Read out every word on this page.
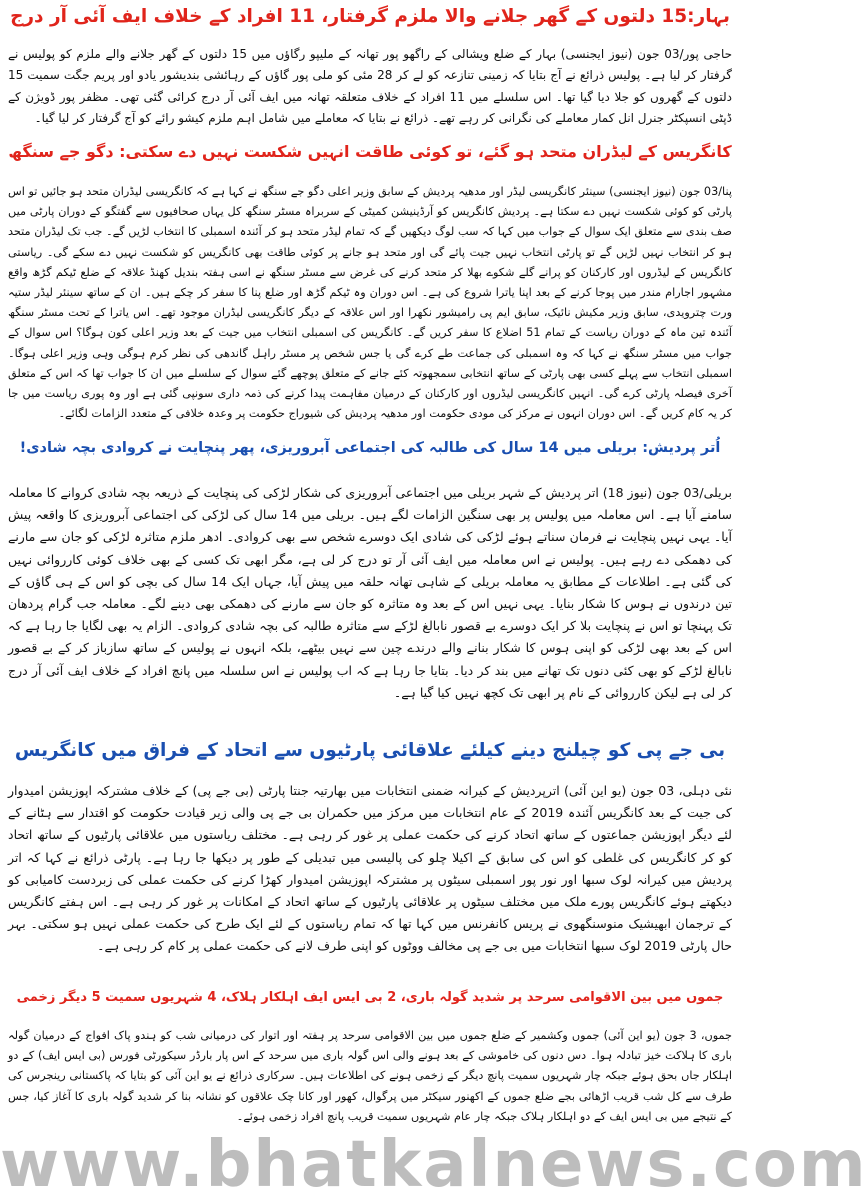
بہار:15 دلتوں کے گھر جلانے والا ملزم گرفتار، 11 افراد کے خلاف ایف آئی آر درج
حاجی پور/03 جون (نیوز ایجنسی) بہار کے ضلع ویشالی کے راگھو پور تھانہ کے ملیپو رگاؤں میں 15 دلتوں کے گھر جلانے والے ملزم کو پولیس نے گرفتار کر لیا ہے۔ پولیس ذرائع نے آج بتایا کہ زمینی تنازعہ کو لے کر 28 مئی کو ملی پور گاؤں کے رہائشی بندیشور یادو اور پریم جگت سمیت 15 دلتوں کے گھروں کو جلا دیا گیا تھا۔ اس سلسلے میں 11 افراد کے خلاف متعلقہ تھانہ میں ایف آئی آر درج کرائی گئی تھی۔ مظفر پور ڈویژن کے ڈپٹی انسپکٹر جنرل انل کمار معاملے کی نگرانی کر رہے تھے۔ ذرائع نے بتایا کہ معاملے میں شامل اہم ملزم کیشو رائے کو آج گرفتار کر لیا گیا۔
کانگریس کے لیڈران متحد ہو گئے، تو کوئی طاقت انہیں شکست نہیں دے سکتی: دگو جے سنگھ
پنا/03 جون (نیوز ایجنسی) سینئر کانگریسی لیڈر اور مدھیہ پردیش کے سابق وزیر اعلی دگو جے سنگھ نے کہا ہے کہ کانگریسی لیڈران متحد ہو جائیں تو اس پارٹی کو کوئی شکست نہیں دے سکتا ہے۔ پردیش کانگریس کو آرڈینیشن کمیٹی کے سربراہ مسٹر سنگھ کل یہاں صحافیوں سے گفتگو کے دوران پارٹی میں صف بندی سے متعلق ایک سوال کے جواب میں کہا کہ سب لوگ دیکھیں گے کہ تمام لیڈر متحد ہو کر آئندہ اسمبلی کا انتخاب لڑیں گے۔ جب تک لیڈران متحد ہو کر انتخاب نہیں لڑیں گے تو پارٹی انتخاب نہیں جیت پائے گی اور متحد ہو جانے پر کوئی طاقت بھی کانگریس کو شکست نہیں دے سکے گی۔ ریاستی کانگریس کے لیڈروں اور کارکنان کو پرانے گلے شکوے بھلا کر متحد کرنے کی غرض سے مسٹر سنگھ نے اسی ہفتہ بندیل کھنڈ علاقہ کے ضلع ٹیکم گڑھ واقع مشہور اجارام مندر میں پوجا کرنے کے بعد اپنا یاترا شروع کی ہے۔ اس دوران وہ ٹیکم گڑھ اور ضلع پنا کا سفر کر چکے ہیں۔ ان کے ساتھ سینئر لیڈر ستیہ ورت چترویدی، سابق وزیر مکیش نائیک، سابق ایم پی رامیشور نکھرا اور اس علاقہ کے دیگر کانگریسی لیڈران موجود تھے۔ اس یاترا کے تحت مسٹر سنگھ آئندہ تین ماہ کے دوران ریاست کے تمام 51 اضلاع کا سفر کریں گے۔ کانگریس کی اسمبلی انتخاب میں جیت کے بعد وزیر اعلی کون ہوگا؟ اس سوال کے جواب میں مسٹر سنگھ نے کہا کہ وہ اسمبلی کی جماعت طے کرے گی یا جس شخص پر مسٹر راہل گاندھی کی نظر کرم ہوگی وہی وزیر اعلی ہوگا۔ اسمبلی انتخاب سے پہلے کسی بھی پارٹی کے ساتھ انتخابی سمجھوتہ کئے جانے کے متعلق پوچھے گئے سوال کے سلسلے میں ان کا جواب تھا کہ اس کے متعلق آخری فیصلہ پارٹی کرے گی۔ انہیں کانگریسی لیڈروں اور کارکنان کے درمیان مفاہمت پیدا کرنے کی ذمہ داری سونپی گئی ہے اور وہ پوری ریاست میں جا کر یہ کام کریں گے۔ اس دوران انہوں نے مرکز کی مودی حکومت اور مدھیہ پردیش کی شیوراج حکومت پر وعدہ خلافی کے متعدد الزامات لگائے۔
اُتر پردیش: بریلی میں 14 سال کی طالبہ کی اجتماعی آبروریزی، پھر پنچایت نے کروادی بچہ شادی!
بریلی/03 جون (نیوز 18) اتر پردیش کے شہر بریلی میں اجتماعی آبروریزی کی شکار لڑکی کی پنچایت کے ذریعہ بچہ شادی کروانے کا معاملہ سامنے آیا ہے۔ اس معاملہ میں پولیس پر بھی سنگین الزامات لگے ہیں۔ بریلی میں 14 سال کی لڑکی کی اجتماعی آبروریزی کا واقعہ پیش آیا۔ یہی نہیں پنچایت نے فرمان سناتے ہوئے لڑکی کی شادی ایک دوسرے شخص سے بھی کروادی۔ ادھر ملزم متاثرہ لڑکی کو جان سے مارنے کی دھمکی دے رہے ہیں۔ پولیس نے اس معاملہ میں ایف آئی آر تو درج کر لی ہے، مگر ابھی تک کسی کے بھی خلاف کوئی کارروائی نہیں کی گئی ہے۔ اطلاعات کے مطابق یہ معاملہ بریلی کے شاہی تھانہ حلقہ میں پیش آیا، جہاں ایک 14 سال کی بچی کو اس کے ہی گاؤں کے تین درندوں نے ہوس کا شکار بنایا۔ یہی نہیں اس کے بعد وہ متاثرہ کو جان سے مارنے کی دھمکی بھی دینے لگے۔ معاملہ جب گرام پردھان تک پہنچا تو اس نے پنچایت بلا کر ایک دوسرے بے قصور نابالغ لڑکے سے متاثرہ طالبہ کی بچہ شادی کروادی۔ الزام یہ بھی لگایا جا رہا ہے کہ اس کے بعد بھی لڑکی کو اپنی ہوس کا شکار بنانے والے درندے چین سے نہیں بیٹھے، بلکہ انہوں نے پولیس کے ساتھ سازباز کر کے بے قصور نابالغ لڑکے کو بھی کئی دنوں تک تھانے میں بند کر دیا۔ بتایا جا رہا ہے کہ اب پولیس نے اس سلسلہ میں پانچ افراد کے خلاف ایف آئی آر درج کر لی ہے لیکن کارروائی کے نام پر ابھی تک کچھ نہیں کیا گیا ہے۔
بی جے پی کو چیلنج دینے کیلئے علاقائی پارٹیوں سے اتحاد کے فراق میں کانگریس
نئی دہلی، 03 جون (یو این آئی) اترپردیش کے کیرانہ ضمنی انتخابات میں بھارتیہ جنتا پارٹی (بی جے پی) کے خلاف مشترکہ اپوزیشن امیدوار کی جیت کے بعد کانگریس آئندہ 2019 کے عام انتخابات میں مرکز میں حکمران بی جے پی والی زیر قیادت حکومت کو اقتدار سے ہٹانے کے لئے دیگر اپوزیشن جماعتوں کے ساتھ اتحاد کرنے کی حکمت عملی پر غور کر رہی ہے۔ مختلف ریاستوں میں علاقائی پارٹیوں کے ساتھ اتحاد کو کر کانگریس کی غلطی کو اس کی سابق کے اکیلا چلو کی پالیسی میں تبدیلی کے طور پر دیکھا جا رہا ہے۔ پارٹی ذرائع نے کہا کہ اتر پردیش میں کیرانہ لوک سبھا اور نور پور اسمبلی سیٹوں پر مشترکہ اپوزیشن امیدوار کھڑا کرنے کی حکمت عملی کی زبردست کامیابی کو دیکھتے ہوئے کانگریس پورے ملک میں مختلف سیٹوں پر علاقائی پارٹیوں کے ساتھ اتحاد کے امکانات پر غور کر رہی ہے۔ اس ہفتے کانگریس کے ترجمان ابھیشیک منوسنگھوی نے پریس کانفرنس میں کہا تھا کہ تمام ریاستوں کے لئے ایک طرح کی حکمت عملی نہیں ہو سکتی۔ بہر حال پارٹی 2019 لوک سبھا انتخابات میں بی جے پی مخالف ووٹوں کو اپنی طرف لانے کی حکمت عملی پر کام کر رہی ہے۔
جموں میں بین الاقوامی سرحد پر شدید گولہ باری، 2 بی ایس ایف اہلکار ہلاک، 4 شہریوں سمیت 5 دیگر زخمی
جموں، 3 جون (یو این آئی) جموں وکشمیر کے ضلع جموں میں بین الاقوامی سرحد پر ہفتہ اور اتوار کی درمیانی شب کو ہندو پاک افواج کے درمیان گولہ باری کا ہلاکت خیز تبادلہ ہوا۔ دس دنوں کی خاموشی کے بعد ہونے والی اس گولہ باری میں سرحد کے اس پار بارڈر سیکورٹی فورس (بی ایس ایف) کے دو اہلکار جاں بحق ہوئے جبکہ چار شہریوں سمیت پانچ دیگر کے زخمی ہونے کی اطلاعات ہیں۔ سرکاری ذرائع نے یو این آئی کو بتایا کہ پاکستانی رینجرس کی طرف سے کل شب قریب اڑھائی بجے ضلع جموں کے اکھنور سیکٹر میں پرگوال، کھور اور کانا چک علاقوں کو نشانہ بنا کر شدید گولہ باری کا آغاز کیا، جس کے نتیجے میں بی ایس ایف کے دو اہلکار ہلاک جبکہ چار عام شہریوں سمیت قریب پانچ افراد زخمی ہوئے۔
www.bhatkalnews.com
